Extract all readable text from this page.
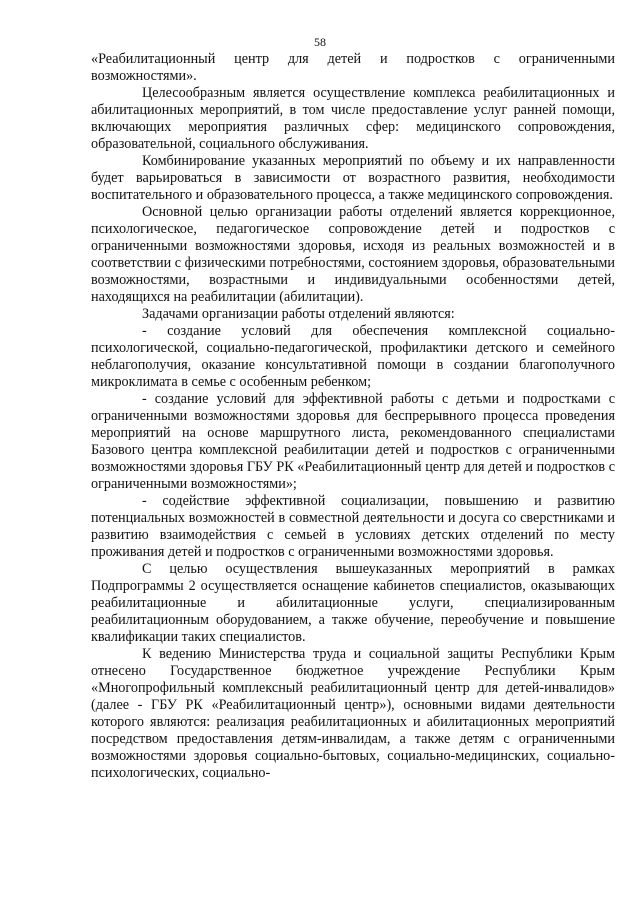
58

«Реабилитационный центр для детей и подростков с ограниченными возможностями».

Целесообразным является осуществление комплекса реабилитационных и абилитационных мероприятий, в том числе предоставление услуг ранней помощи, включающих мероприятия различных сфер: медицинского сопровождения, образовательной, социального обслуживания.

Комбинирование указанных мероприятий по объему и их направленности будет варьироваться в зависимости от возрастного развития, необходимости воспитательного и образовательного процесса, а также медицинского сопровождения.

Основной целью организации работы отделений является коррекционное, психологическое, педагогическое сопровождение детей и подростков с ограниченными возможностями здоровья, исходя из реальных возможностей и в соответствии с физическими потребностями, состоянием здоровья, образовательными возможностями, возрастными и индивидуальными особенностями детей, находящихся на реабилитации (абилитации).

Задачами организации работы отделений являются:

- создание условий для обеспечения комплексной социально-психологической, социально-педагогической, профилактики детского и семейного неблагополучия, оказание консультативной помощи в создании благополучного микроклимата в семье с особенным ребенком;

- создание условий для эффективной работы с детьми и подростками с ограниченными возможностями здоровья для беспрерывного процесса проведения мероприятий на основе маршрутного листа, рекомендованного специалистами Базового центра комплексной реабилитации детей и подростков с ограниченными возможностями здоровья ГБУ РК «Реабилитационный центр для детей и подростков с ограниченными возможностями»;

- содействие эффективной социализации, повышению и развитию потенциальных возможностей в совместной деятельности и досуга со сверстниками и развитию взаимодействия с семьей в условиях детских отделений по месту проживания детей и подростков с ограниченными возможностями здоровья.

С целью осуществления вышеуказанных мероприятий в рамках Подпрограммы 2 осуществляется оснащение кабинетов специалистов, оказывающих реабилитационные и абилитационные услуги, специализированным реабилитационным оборудованием, а также обучение, переобучение и повышение квалификации таких специалистов.

К ведению Министерства труда и социальной защиты Республики Крым отнесено Государственное бюджетное учреждение Республики Крым «Многопрофильный комплексный реабилитационный центр для детей-инвалидов» (далее - ГБУ РК «Реабилитационный центр»), основными видами деятельности которого являются: реализация реабилитационных и абилитационных мероприятий посредством предоставления детям-инвалидам, а также детям с ограниченными возможностями здоровья социально-бытовых, социально-медицинских, социально-психологических, социально-
